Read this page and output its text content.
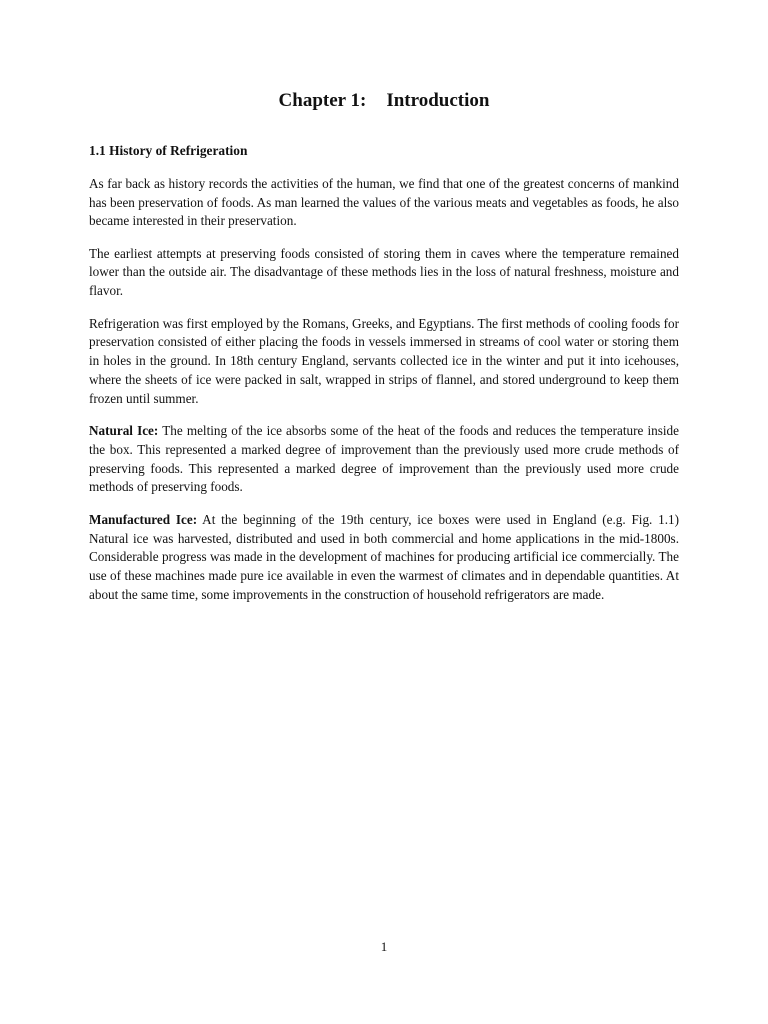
Chapter 1: Introduction

1.1 History of Refrigeration

As far back as history records the activities of the human, we find that one of the greatest concerns of mankind has been preservation of foods. As man learned the values of the various meats and vegetables as foods, he also became interested in their preservation.

The earliest attempts at preserving foods consisted of storing them in caves where the temperature remained lower than the outside air. The disadvantage of these methods lies in the loss of natural freshness, moisture and flavor.

Refrigeration was first employed by the Romans, Greeks, and Egyptians. The first methods of cooling foods for preservation consisted of either placing the foods in vessels immersed in streams of cool water or storing them in holes in the ground. In 18th century England, servants collected ice in the winter and put it into icehouses, where the sheets of ice were packed in salt, wrapped in strips of flannel, and stored underground to keep them frozen until summer.

Natural Ice: The melting of the ice absorbs some of the heat of the foods and reduces the temperature inside the box. This represented a marked degree of improvement than the previously used more crude methods of preserving foods. This represented a marked degree of improvement than the previously used more crude methods of preserving foods.

Manufactured Ice: At the beginning of the 19th century, ice boxes were used in England (e.g. Fig. 1.1) Natural ice was harvested, distributed and used in both commercial and home applications in the mid-1800s. Considerable progress was made in the development of machines for producing artificial ice commercially. The use of these machines made pure ice available in even the warmest of climates and in dependable quantities. At about the same time, some improvements in the construction of household refrigerators are made.

1
